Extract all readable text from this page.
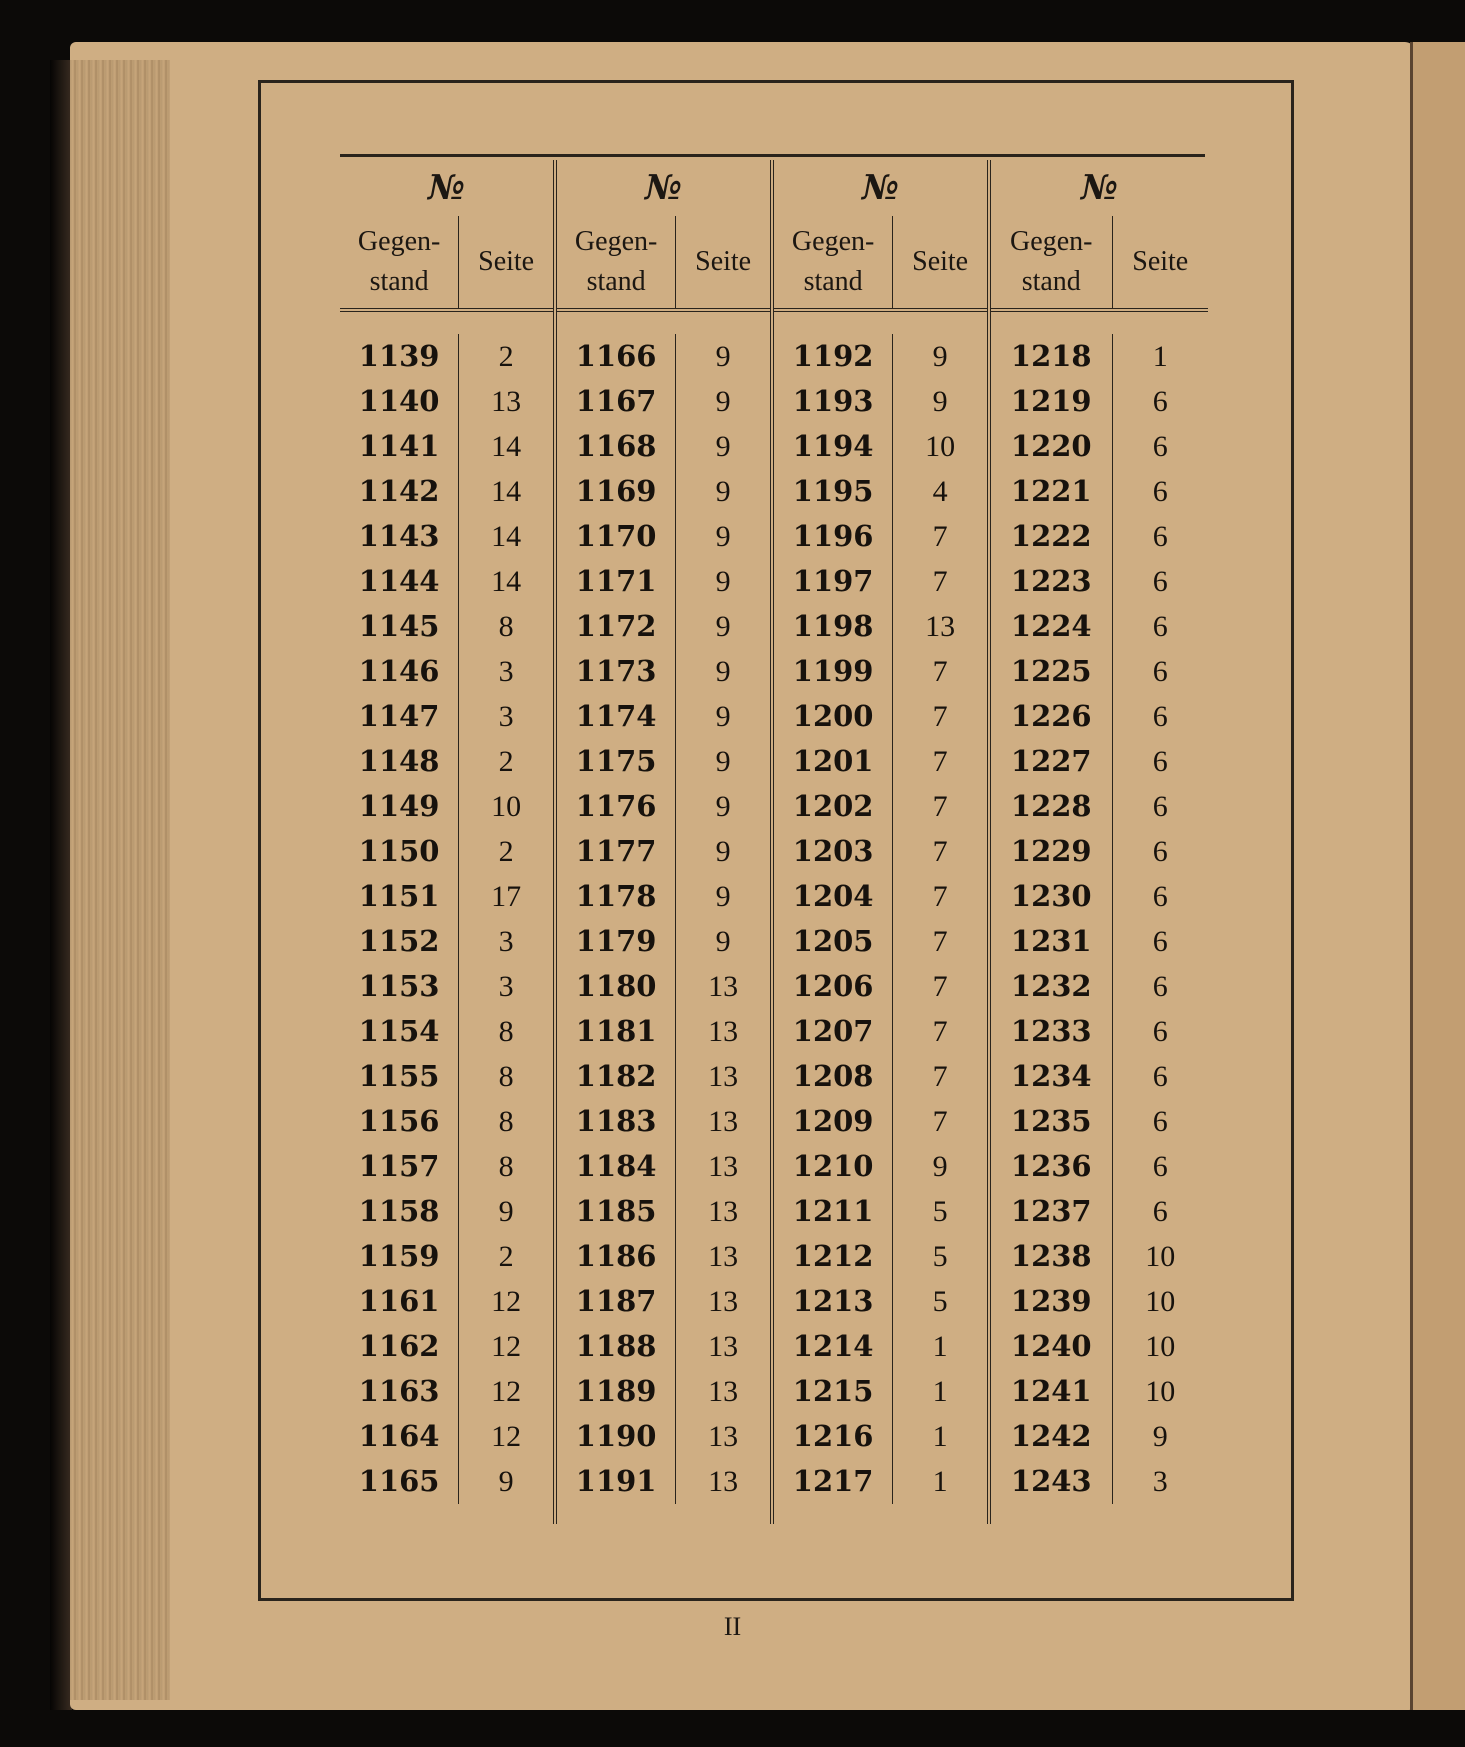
№
Gegen-
stand
Seite
1139	2
1140	13
1141	14
1142	14
1143	14
1144	14
1145	8
1146	3
1147	3
1148	2
1149	10
1150	2
1151	17
1152	3
1153	3
1154	8
1155	8
1156	8
1157	8
1158	9
1159	2
1161	12
1162	12
1163	12
1164	12
1165	9
№
Gegen-
stand
Seite
1166	9
1167	9
1168	9
1169	9
1170	9
1171	9
1172	9
1173	9
1174	9
1175	9
1176	9
1177	9
1178	9
1179	9
1180	13
1181	13
1182	13
1183	13
1184	13
1185	13
1186	13
1187	13
1188	13
1189	13
1190	13
1191	13
№
Gegen-
stand
Seite
1192	9
1193	9
1194	10
1195	4
1196	7
1197	7
1198	13
1199	7
1200	7
1201	7
1202	7
1203	7
1204	7
1205	7
1206	7
1207	7
1208	7
1209	7
1210	9
1211	5
1212	5
1213	5
1214	1
1215	1
1216	1
1217	1
№
Gegen-
stand
Seite
1218	1
1219	6
1220	6
1221	6
1222	6
1223	6
1224	6
1225	6
1226	6
1227	6
1228	6
1229	6
1230	6
1231	6
1232	6
1233	6
1234	6
1235	6
1236	6
1237	6
1238	10
1239	10
1240	10
1241	10
1242	9
1243	3
II
